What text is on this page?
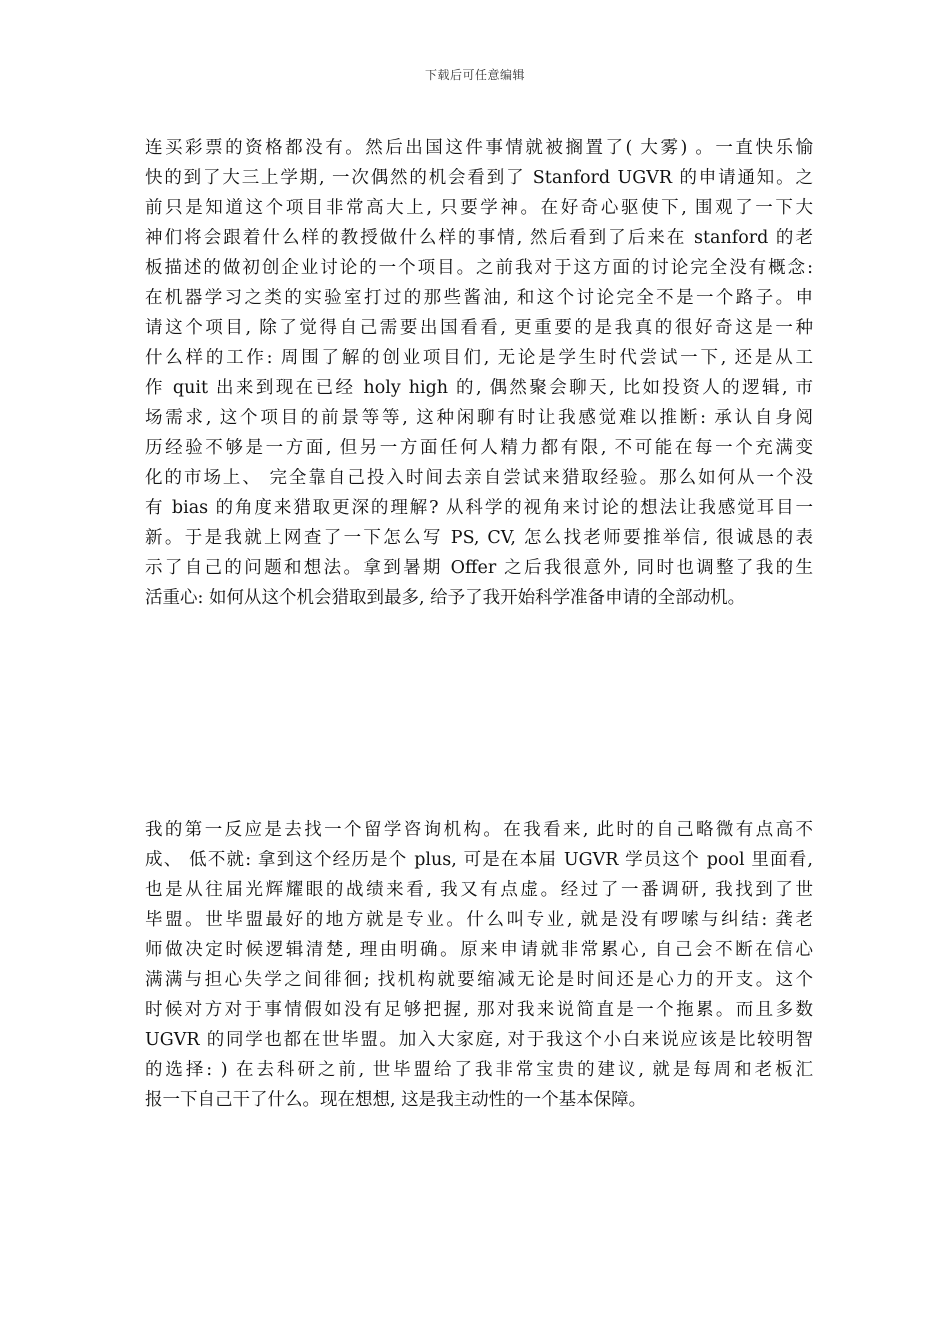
下载后可任意编辑
连买彩票的资格都没有。然后出国这件事情就被搁置了( 大雾) 。一直快乐愉
快的到了大三上学期, 一次偶然的机会看到了 Stanford UGVR 的申请通知。之
前只是知道这个项目非常高大上, 只要学神。在好奇心驱使下, 围观了一下大
神们将会跟着什么样的教授做什么样的事情, 然后看到了后来在 stanford 的老
板描述的做初创企业讨论的一个项目。之前我对于这方面的讨论完全没有概念:
在机器学习之类的实验室打过的那些酱油, 和这个讨论完全不是一个路子。申
请这个项目, 除了觉得自己需要出国看看, 更重要的是我真的很好奇这是一种
什么样的工作: 周围了解的创业项目们, 无论是学生时代尝试一下, 还是从工
作 quit 出来到现在已经 holy high 的, 偶然聚会聊天, 比如投资人的逻辑, 市
场需求, 这个项目的前景等等, 这种闲聊有时让我感觉难以推断: 承认自身阅
历经验不够是一方面, 但另一方面任何人精力都有限, 不可能在每一个充满变
化的市场上、 完全靠自己投入时间去亲自尝试来猎取经验。那么如何从一个没
有 bias 的角度来猎取更深的理解? 从科学的视角来讨论的想法让我感觉耳目一
新。于是我就上网查了一下怎么写 PS, CV, 怎么找老师要推举信, 很诚恳的表
示了自己的问题和想法。拿到暑期 Offer 之后我很意外, 同时也调整了我的生
活重心: 如何从这个机会猎取到最多, 给予了我开始科学准备申请的全部动机。
我的第一反应是去找一个留学咨询机构。在我看来, 此时的自己略微有点高不
成、 低不就: 拿到这个经历是个 plus, 可是在本届 UGVR 学员这个 pool 里面看,
也是从往届光辉耀眼的战绩来看, 我又有点虚。经过了一番调研, 我找到了世
毕盟。世毕盟最好的地方就是专业。什么叫专业, 就是没有啰嗦与纠结: 龚老
师做决定时候逻辑清楚, 理由明确。原来申请就非常累心, 自己会不断在信心
满满与担心失学之间徘徊; 找机构就要缩减无论是时间还是心力的开支。这个
时候对方对于事情假如没有足够把握, 那对我来说简直是一个拖累。而且多数
UGVR 的同学也都在世毕盟。加入大家庭, 对于我这个小白来说应该是比较明智
的选择: ) 在去科研之前, 世毕盟给了我非常宝贵的建议, 就是每周和老板汇
报一下自己干了什么。现在想想, 这是我主动性的一个基本保障。
